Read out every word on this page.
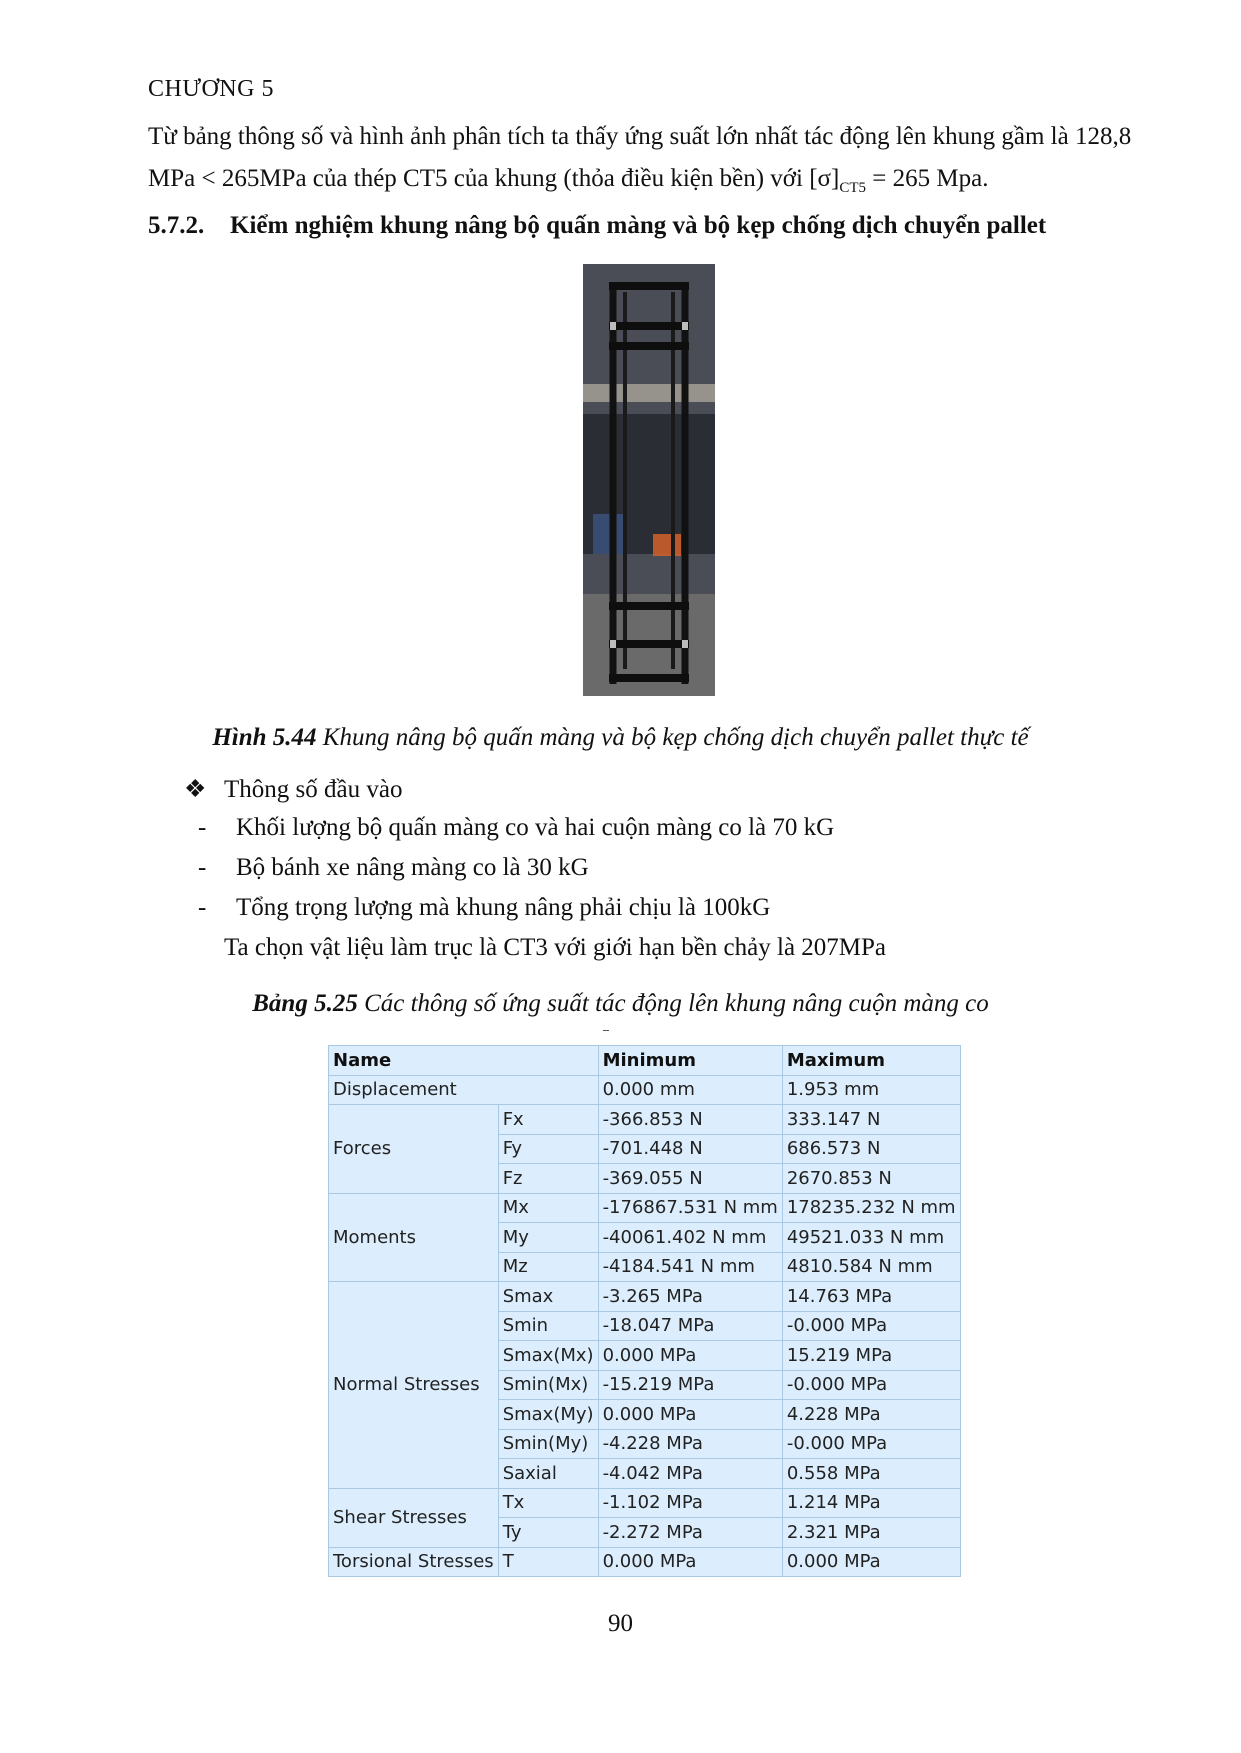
CHƯƠNG 5
Từ bảng thông số và hình ảnh phân tích ta thấy ứng suất lớn nhất tác động lên khung gầm là 128,8 MPa < 265MPa của thép CT5 của khung (thỏa điều kiện bền) với $[\sigma]_{CT5} = 265$ Mpa.
5.7.2. Kiểm nghiệm khung nâng bộ quấn màng và bộ kẹp chống dịch chuyển pallet
Hình 5.44 Khung nâng bộ quấn màng và bộ kẹp chống dịch chuyển pallet thực tế
❖ Thông số đầu vào
- Khối lượng bộ quấn màng co và hai cuộn màng co là 70 kG
- Bộ bánh xe nâng màng co là 30 kG
- Tổng trọng lượng mà khung nâng phải chịu là 100kG
Ta chọn vật liệu làm trục là CT3 với giới hạn bền chảy là 207MPa
Bảng 5.25 Các thông số ứng suất tác động lên khung nâng cuộn màng co
Name		Minimum	Maximum
Displacement		0.000 mm	1.953 mm
Forces	Fx	-366.853 N	333.147 N
	Fy	-701.448 N	686.573 N
	Fz	-369.055 N	2670.853 N
Moments	Mx	-176867.531 N mm	178235.232 N mm
	My	-40061.402 N mm	49521.033 N mm
	Mz	-4184.541 N mm	4810.584 N mm
Normal Stresses	Smax	-3.265 MPa	14.763 MPa
	Smin	-18.047 MPa	-0.000 MPa
	Smax(Mx)	0.000 MPa	15.219 MPa
	Smin(Mx)	-15.219 MPa	-0.000 MPa
	Smax(My)	0.000 MPa	4.228 MPa
	Smin(My)	-4.228 MPa	-0.000 MPa
	Saxial	-4.042 MPa	0.558 MPa
Shear Stresses	Tx	-1.102 MPa	1.214 MPa
	Ty	-2.272 MPa	2.321 MPa
Torsional Stresses	T	0.000 MPa	0.000 MPa
90
